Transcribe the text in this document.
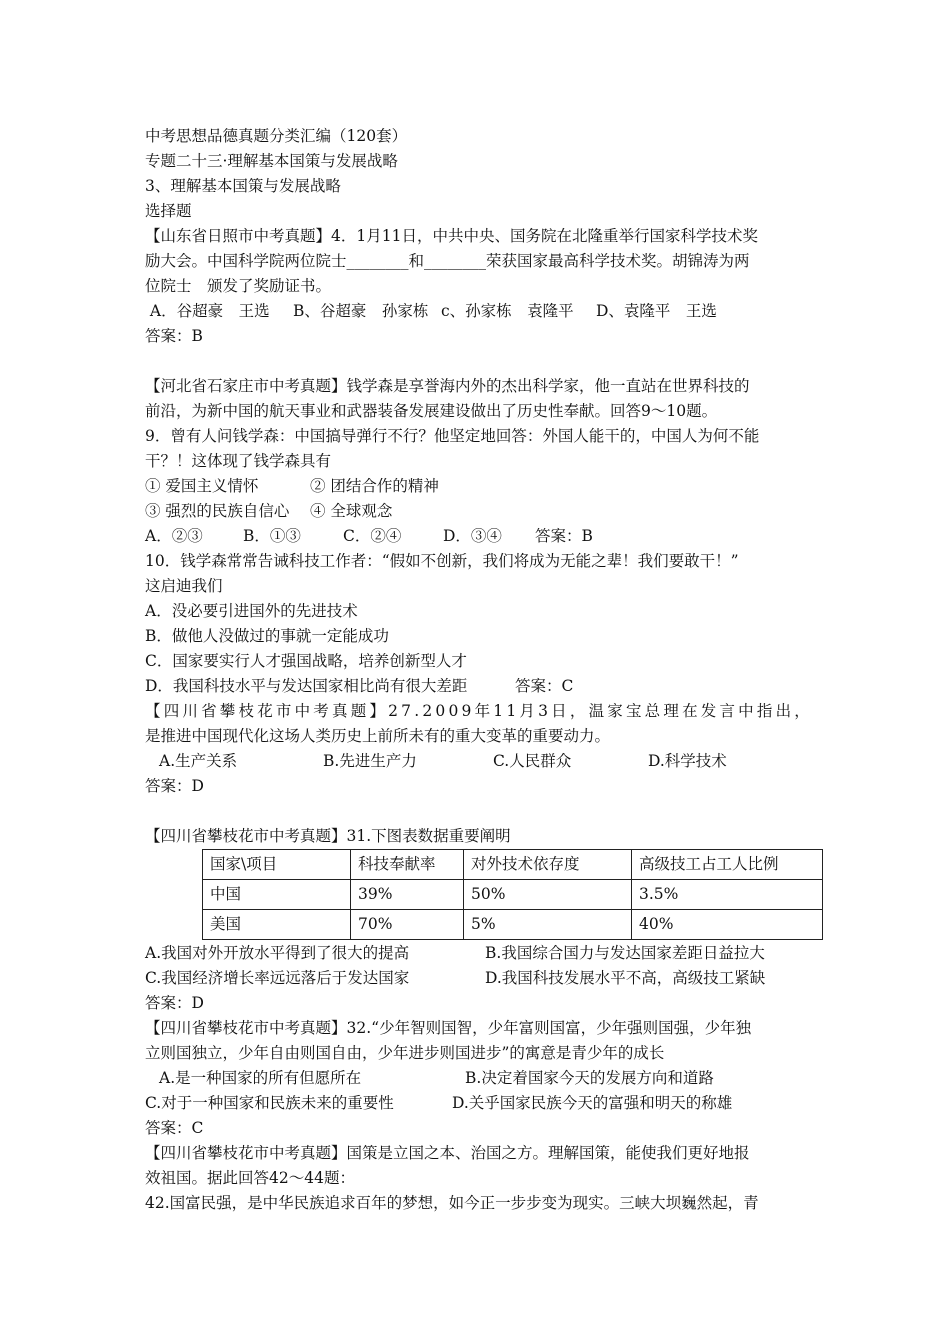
中考思想品德真题分类汇编（120套）
专题二十三·理解基本国策与发展战略
3、理解基本国策与发展战略
选择题
【山东省日照市中考真题】4．1月11日，中共中央、国务院在北隆重举行国家科学技术奖
励大会。中国科学院两位院士________和________荣获国家最高科学技术奖。胡锦涛为两
位院士　颁发了奖励证书。
A．谷超豪　王选	B、谷超豪　孙家栋 c、孙家栋　袁隆平	D、袁隆平　王选
答案：B
【河北省石家庄市中考真题】钱学森是享誉海内外的杰出科学家，他一直站在世界科技的
前沿，为新中国的航天事业和武器装备发展建设做出了历史性奉献。回答9～10题。
9．曾有人问钱学森：中国搞导弹行不行？他坚定地回答：外国人能干的，中国人为何不能
干？！这体现了钱学森具有
① 爱国主义情怀	② 团结合作的精神
③ 强烈的民族自信心	④ 全球观念
A．②③	B．①③	C．②④	D．③④	答案：B
10．钱学森常常告诫科技工作者：“假如不创新，我们将成为无能之辈！我们要敢干！”
这启迪我们
A．没必要引进国外的先进技术
B．做他人没做过的事就一定能成功
C．国家要实行人才强国战略，培养创新型人才
D．我国科技水平与发达国家相比尚有很大差距	答案：C
【四川省攀枝花市中考真题】27.2009年11月3日，温家宝总理在发言中指出，
是推进中国现代化这场人类历史上前所未有的重大变革的重要动力。
A.生产关系	B.先进生产力	C.人民群众	D.科学技术
答案：D
【四川省攀枝花市中考真题】31.下图表数据重要阐明
国家\项目	科技奉献率	对外技术依存度	高级技工占工人比例
中国	39%	50%	3.5%
美国	70%	5%	40%
A.我国对外开放水平得到了很大的提高	B.我国综合国力与发达国家差距日益拉大
C.我国经济增长率远远落后于发达国家	D.我国科技发展水平不高，高级技工紧缺
答案：D
【四川省攀枝花市中考真题】32.“少年智则国智，少年富则国富，少年强则国强，少年独
立则国独立，少年自由则国自由，少年进步则国进步”的寓意是青少年的成长
A.是一种国家的所有但愿所在	B.决定着国家今天的发展方向和道路
C.对于一种国家和民族未来的重要性	D.关乎国家民族今天的富强和明天的称雄
答案：C
【四川省攀枝花市中考真题】国策是立国之本、治国之方。理解国策，能使我们更好地报
效祖国。据此回答42～44题：
42.国富民强，是中华民族追求百年的梦想，如今正一步步变为现实。三峡大坝巍然起，青
